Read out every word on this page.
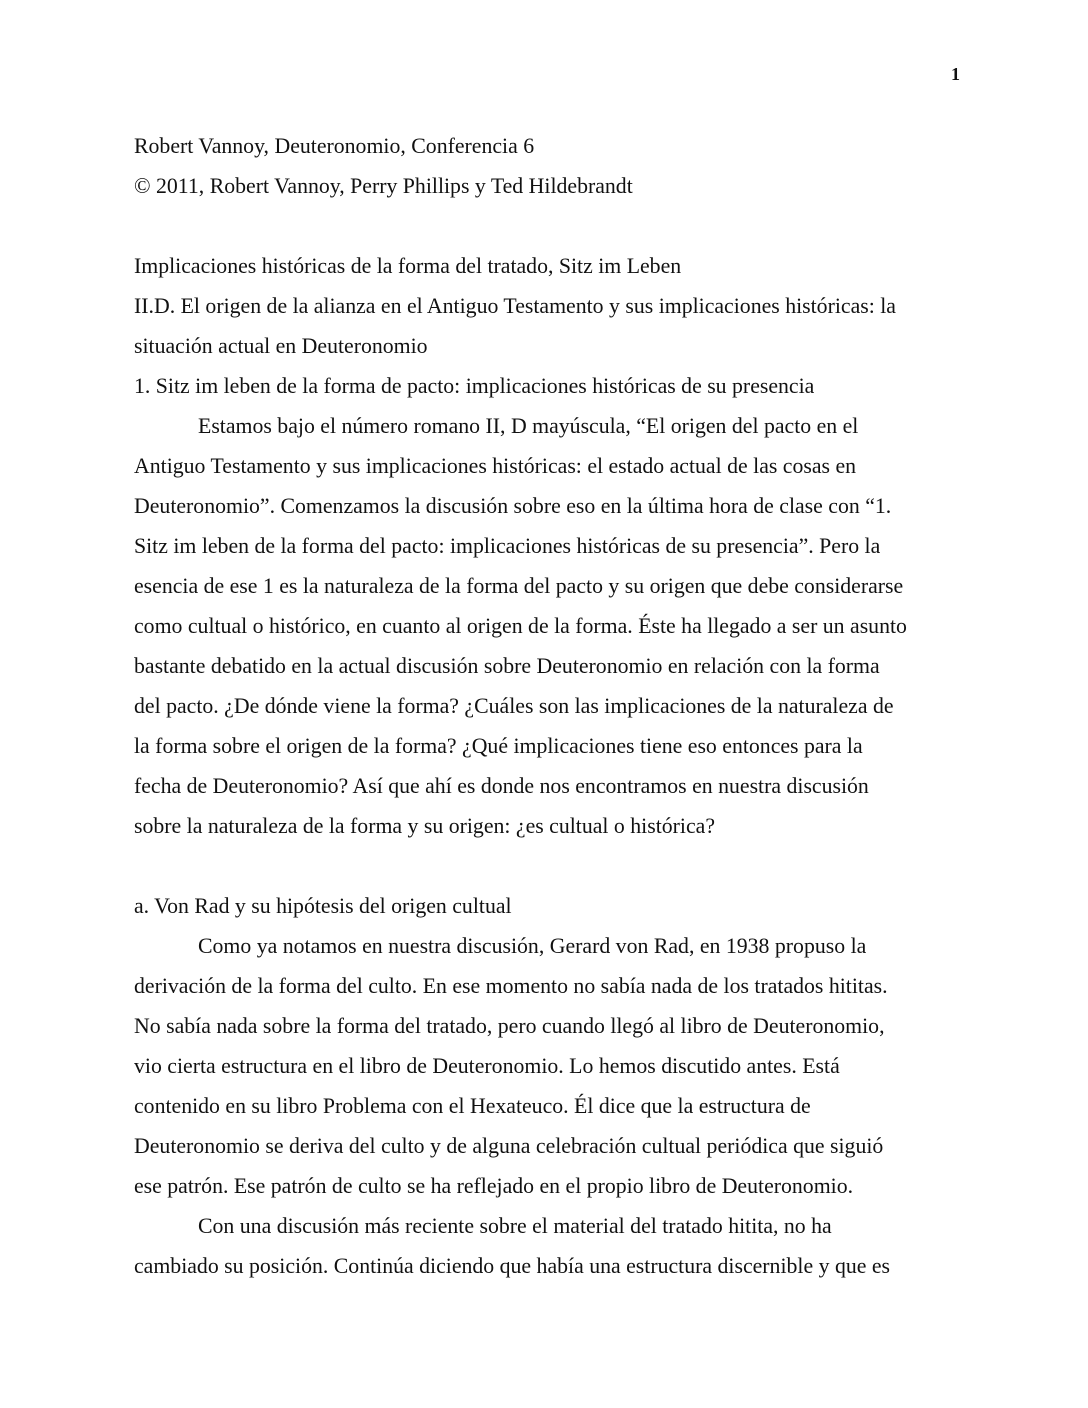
1

Robert Vannoy, Deuteronomio, Conferencia 6

© 2011, Robert Vannoy, Perry Phillips y Ted Hildebrandt

Implicaciones históricas de la forma del tratado, Sitz im Leben

II.D. El origen de la alianza en el Antiguo Testamento y sus implicaciones históricas: la

situación actual en Deuteronomio

1. Sitz im leben de la forma de pacto: implicaciones históricas de su presencia

Estamos bajo el número romano II, D mayúscula, “El origen del pacto en el

Antiguo Testamento y sus implicaciones históricas: el estado actual de las cosas en

Deuteronomio”. Comenzamos la discusión sobre eso en la última hora de clase con “1.

Sitz im leben de la forma del pacto: implicaciones históricas de su presencia”. Pero la

esencia de ese 1 es la naturaleza de la forma del pacto y su origen que debe considerarse

como cultual o histórico, en cuanto al origen de la forma. Éste ha llegado a ser un asunto

bastante debatido en la actual discusión sobre Deuteronomio en relación con la forma

del pacto. ¿De dónde viene la forma? ¿Cuáles son las implicaciones de la naturaleza de

la forma sobre el origen de la forma? ¿Qué implicaciones tiene eso entonces para la

fecha de Deuteronomio? Así que ahí es donde nos encontramos en nuestra discusión

sobre la naturaleza de la forma y su origen: ¿es cultual o histórica?

a. Von Rad y su hipótesis del origen cultual

Como ya notamos en nuestra discusión, Gerard von Rad, en 1938 propuso la

derivación de la forma del culto. En ese momento no sabía nada de los tratados hititas.

No sabía nada sobre la forma del tratado, pero cuando llegó al libro de Deuteronomio,

vio cierta estructura en el libro de Deuteronomio. Lo hemos discutido antes. Está

contenido en su libro Problema con el Hexateuco. Él dice que la estructura de

Deuteronomio se deriva del culto y de alguna celebración cultual periódica que siguió

ese patrón. Ese patrón de culto se ha reflejado en el propio libro de Deuteronomio.

Con una discusión más reciente sobre el material del tratado hitita, no ha

cambiado su posición. Continúa diciendo que había una estructura discernible y que es
